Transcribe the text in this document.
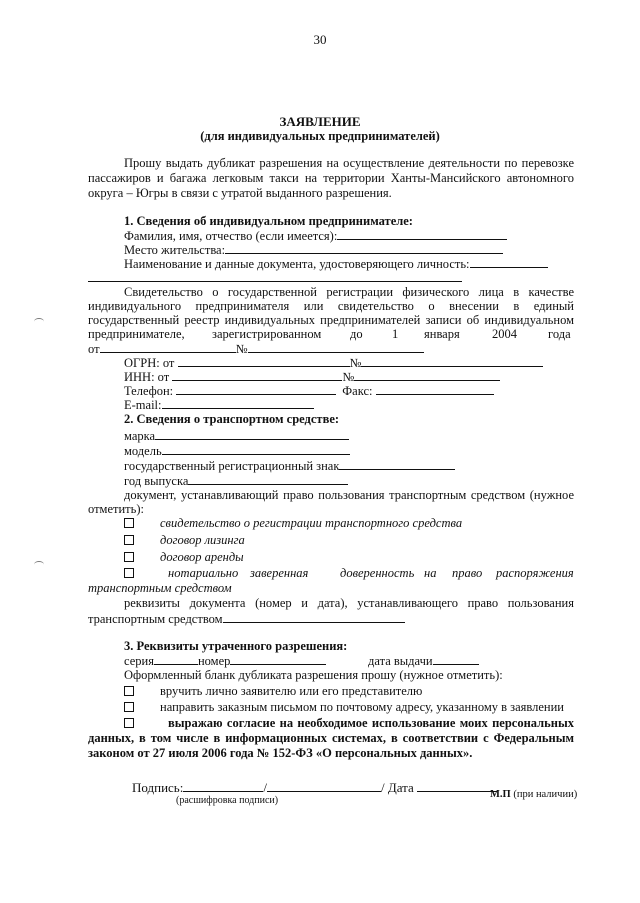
30
ЗАЯВЛЕНИЕ
(для индивидуальных предпринимателей)
Прошу выдать дубликат разрешения на осуществление деятельности по перевозке
пассажиров и багажа легковым такси на территории Ханты-Мансийского автономного
округа – Югры в связи с утратой выданного разрешения.
1. Сведения об индивидуальном предпринимателе:
Фамилия, имя, отчество (если имеется):
Место жительства:
Наименование и данные документа, удостоверяющего личность:
Свидетельство о государственной регистрации физического лица в качестве
индивидуального предпринимателя или свидетельство о внесении в единый
государственный реестр индивидуальных предпринимателей записи об индивидуальном
предпринимателе, зарегистрированном до 1 января	2004 года
от	№
ОГРН: от	№
ИНН: от	№
Телефон:	Факс:
E-mail:
2. Сведения о транспортном средстве:
марка
модель
государственный регистрационный знак
год выпуска
документ, устанавливающий право пользования транспортным средством (нужное
отметить):
свидетельство о регистрации транспортного средства
договор лизинга
договор аренды
нотариально заверенная	доверенность на право распоряжения
транспортным средством
реквизиты документа (номер и дата), устанавливающего право пользования
транспортным средством
3. Реквизиты утраченного разрешения:
серия	номер	дата выдачи
Оформленный бланк дубликата разрешения прошу (нужное отметить):
вручить лично заявителю или его представителю
направить заказным письмом по почтовому адресу, указанному в заявлении
выражаю согласие на необходимое использование моих персональных
данных, в том числе в информационных системах, в соответствии с Федеральным
законом от 27 июля 2006 года № 152-ФЗ «О персональных данных».
Подпись:	/	/ Дата
(расшифровка подписи)
М.П (при наличии)
